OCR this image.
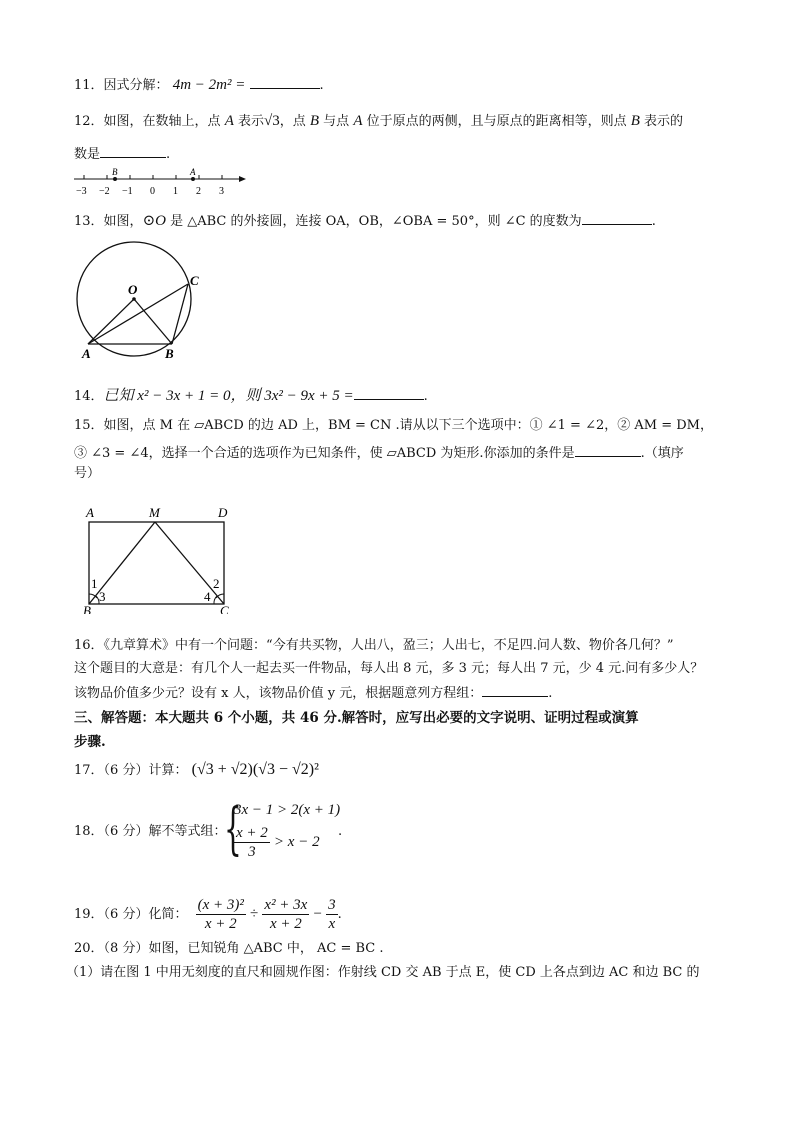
11．因式分解： 4m − 2m² =	.
12．如图，在数轴上，点 A 表示√3，点 B 与点 A 位于原点的两侧，且与原点的距离相等，则点 B 表示的
数是	.
B	A
−3 −2 −1 0 1 2 3
13．如图，⊙O 是 △ABC 的外接圆，连接 OA，OB，∠OBA = 50°，则 ∠C 的度数为	.
O
A	B
C
14．已知 x² − 3x + 1 = 0，则 3x² − 9x + 5 =	.
15．如图，点 M 在 ▱ABCD 的边 AD 上，BM = CN .请从以下三个选项中：① ∠1 = ∠2，② AM = DM，
③ ∠3 = ∠4，选择一个合适的选项作为已知条件，使 ▱ABCD 为矩形.你添加的条件是	.（填序
号）
A	M	D
B	C
1
3
2
4
16．《九章算术》中有一个问题：“今有共买物，人出八，盈三；人出七，不足四.问人数、物价各几何？”
这个题目的大意是：有几个人一起去买一件物品，每人出 8 元，多 3 元；每人出 7 元，少 4 元.问有多少人？
该物品价值多少元？设有 x 人，该物品价值 y 元，根据题意列方程组：	.
三、解答题：本大题共 6 个小题，共 46 分.解答时，应写出必要的文字说明、证明过程或演算
步骤.
17．（6 分）计算： (√3 + √2)(√3 − √2)²
18．（6 分）解不等式组：
{
3x − 1 > 2(x + 1)
$\frac{x + 2}{3} > x - 2$
.
19．（6 分）化简： $\frac{\text{(x + 3)²}}{x + 2} \div \frac{\text{x² + 3x}}{x + 2} - \frac{3}{x}$ .
20．（8 分）如图，已知锐角 △ABC 中， AC = BC .
（1）请在图 1 中用无刻度的直尺和圆规作图：作射线 CD 交 AB 于点 E，使 CD 上各点到边 AC 和边 BC 的
